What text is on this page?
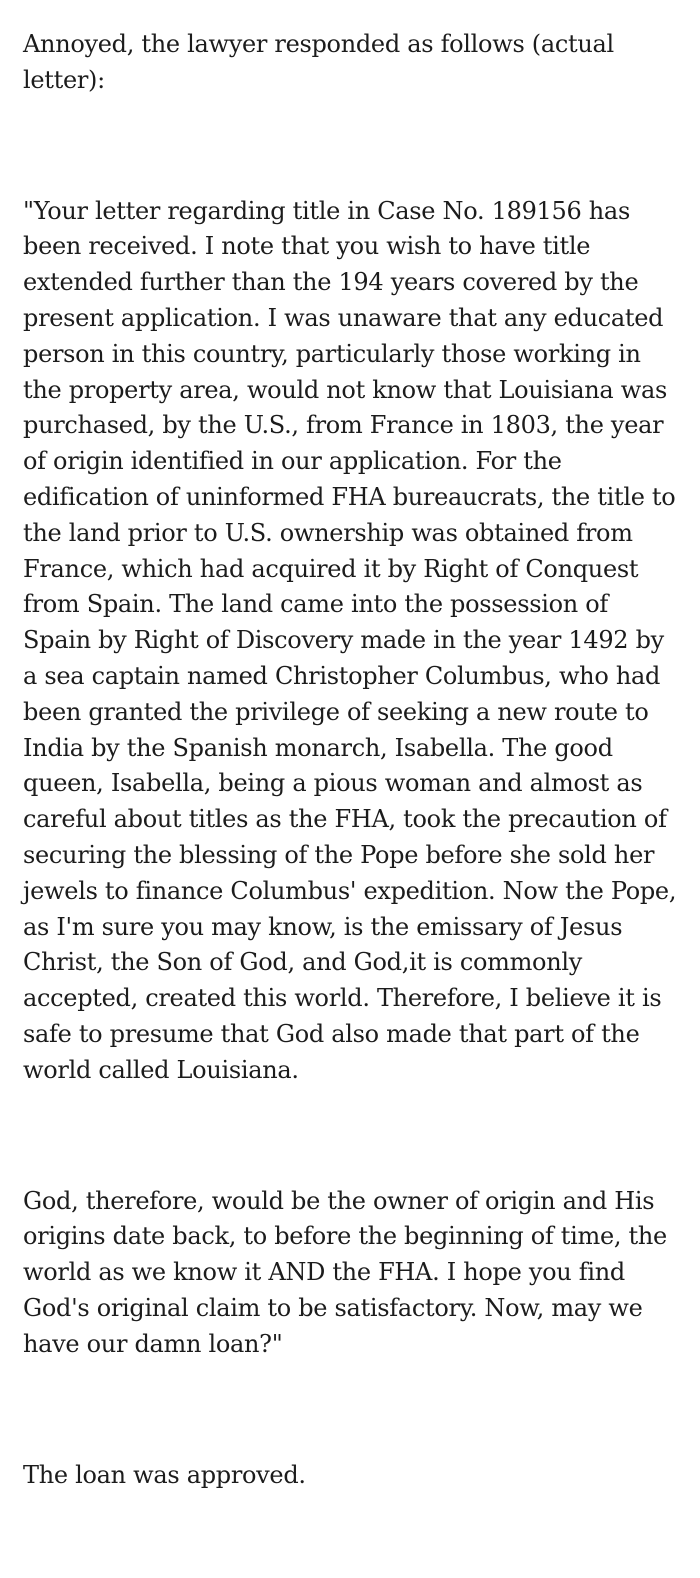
Annoyed, the lawyer responded as follows (actual letter):

"Your letter regarding title in Case No. 189156 has been received. I note that you wish to have title extended further than the 194 years covered by the present application. I was unaware that any educated person in this country, particularly those working in the property area, would not know that Louisiana was purchased, by the U.S., from France in 1803, the year of origin identified in our application. For the edification of uninformed FHA bureaucrats, the title to the land prior to U.S. ownership was obtained from France, which had acquired it by Right of Conquest from Spain. The land came into the possession of Spain by Right of Discovery made in the year 1492 by a sea captain named Christopher Columbus, who had been granted the privilege of seeking a new route to India by the Spanish monarch, Isabella. The good queen, Isabella, being a pious woman and almost as careful about titles as the FHA, took the precaution of securing the blessing of the Pope before she sold her jewels to finance Columbus' expedition. Now the Pope, as I'm sure you may know, is the emissary of Jesus Christ, the Son of God, and God,it is commonly accepted, created this world. Therefore, I believe it is safe to presume that God also made that part of the world called Louisiana.

God, therefore, would be the owner of origin and His origins date back, to before the beginning of time, the world as we know it AND the FHA. I hope you find God's original claim to be satisfactory. Now, may we have our damn loan?"

The loan was approved.
